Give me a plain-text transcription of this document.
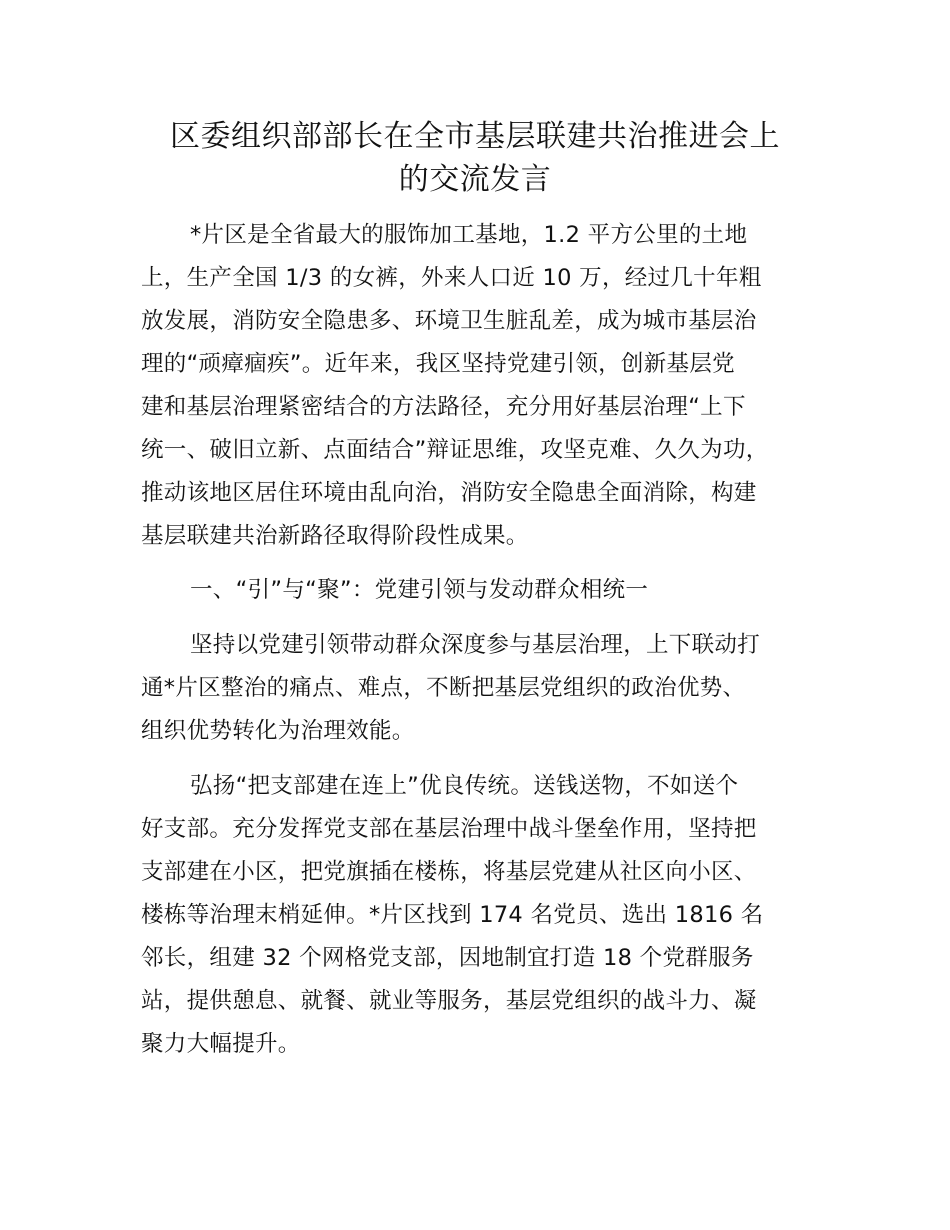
区委组织部部长在全市基层联建共治推进会上
的交流发言
*片区是全省最大的服饰加工基地，1.2 平方公里的土地
上，生产全国 1/3 的女裤，外来人口近 10 万，经过几十年粗
放发展，消防安全隐患多、环境卫生脏乱差，成为城市基层治
理的“顽瘴痼疾”。近年来，我区坚持党建引领，创新基层党
建和基层治理紧密结合的方法路径，充分用好基层治理“上下
统一、破旧立新、点面结合”辩证思维，攻坚克难、久久为功，
推动该地区居住环境由乱向治，消防安全隐患全面消除，构建
基层联建共治新路径取得阶段性成果。
一、“引”与“聚”：党建引领与发动群众相统一
坚持以党建引领带动群众深度参与基层治理，上下联动打
通*片区整治的痛点、难点，不断把基层党组织的政治优势、
组织优势转化为治理效能。
弘扬“把支部建在连上”优良传统。送钱送物，不如送个
好支部。充分发挥党支部在基层治理中战斗堡垒作用，坚持把
支部建在小区，把党旗插在楼栋，将基层党建从社区向小区、
楼栋等治理末梢延伸。*片区找到 174 名党员、选出 1816 名
邻长，组建 32 个网格党支部，因地制宜打造 18 个党群服务
站，提供憩息、就餐、就业等服务，基层党组织的战斗力、凝
聚力大幅提升。
